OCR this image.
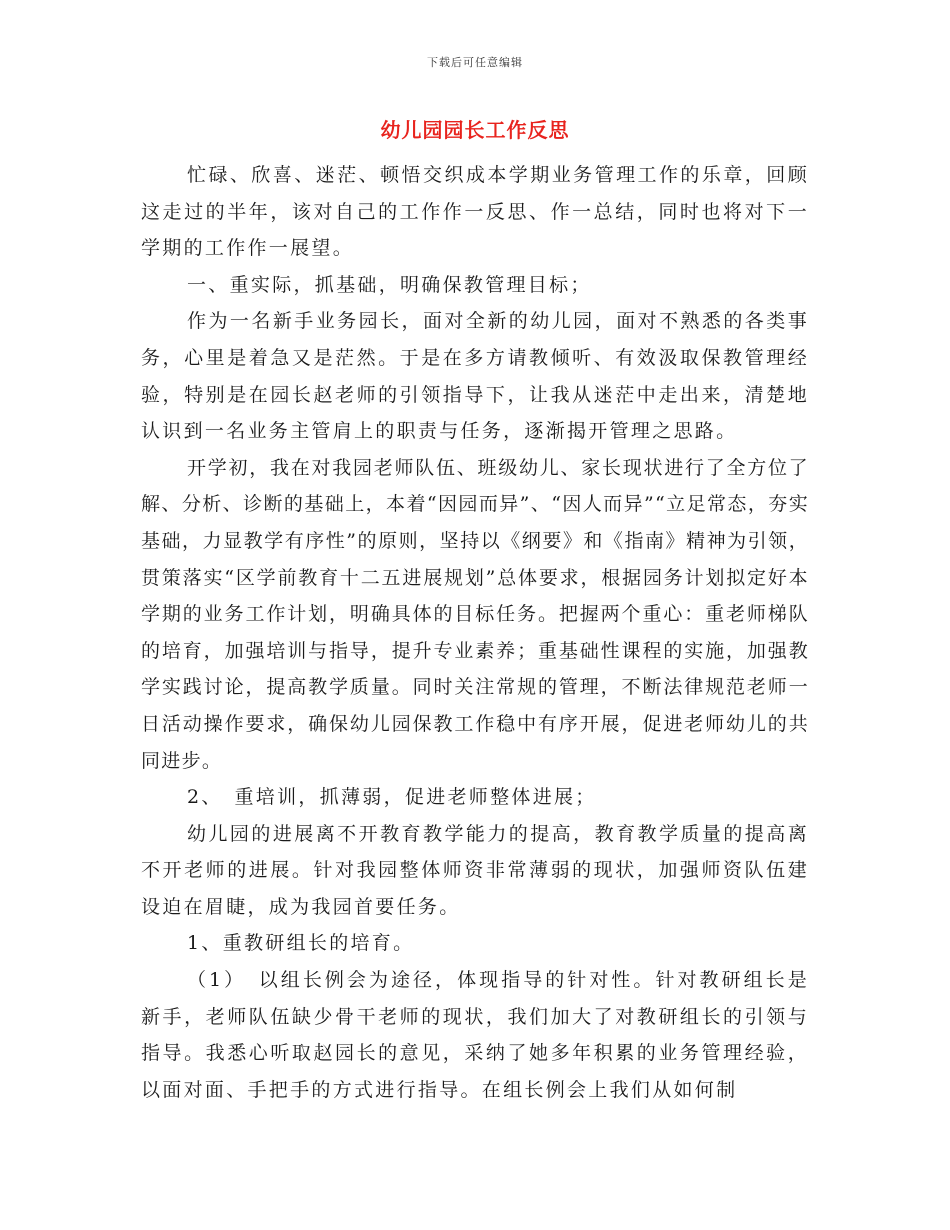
下载后可任意编辑
幼儿园园长工作反思

忙碌、欣喜、迷茫、顿悟交织成本学期业务管理工作的乐章，回顾这走过的半年，该对自己的工作作一反思、作一总结，同时也将对下一学期的工作作一展望。

一、重实际，抓基础，明确保教管理目标；

作为一名新手业务园长，面对全新的幼儿园，面对不熟悉的各类事务，心里是着急又是茫然。于是在多方请教倾听、有效汲取保教管理经验，特别是在园长赵老师的引领指导下，让我从迷茫中走出来，清楚地认识到一名业务主管肩上的职责与任务，逐渐揭开管理之思路。

开学初，我在对我园老师队伍、班级幼儿、家长现状进行了全方位了解、分析、诊断的基础上，本着“因园而异”、“因人而异”“立足常态，夯实基础，力显教学有序性”的原则，坚持以《纲要》和《指南》精神为引领，贯策落实“区学前教育十二五进展规划”总体要求，根据园务计划拟定好本学期的业务工作计划，明确具体的目标任务。把握两个重心：重老师梯队的培育，加强培训与指导，提升专业素养；重基础性课程的实施，加强教学实践讨论，提高教学质量。同时关注常规的管理，不断法律规范老师一日活动操作要求，确保幼儿园保教工作稳中有序开展，促进老师幼儿的共同进步。

2、　重培训，抓薄弱，促进老师整体进展；

幼儿园的进展离不开教育教学能力的提高，教育教学质量的提高离不开老师的进展。针对我园整体师资非常薄弱的现状，加强师资队伍建设迫在眉睫，成为我园首要任务。

1、重教研组长的培育。

（1）　以组长例会为途径，体现指导的针对性。针对教研组长是新手，老师队伍缺少骨干老师的现状，我们加大了对教研组长的引领与指导。我悉心听取赵园长的意见，采纳了她多年积累的业务管理经验，以面对面、手把手的方式进行指导。在组长例会上我们从如何制
